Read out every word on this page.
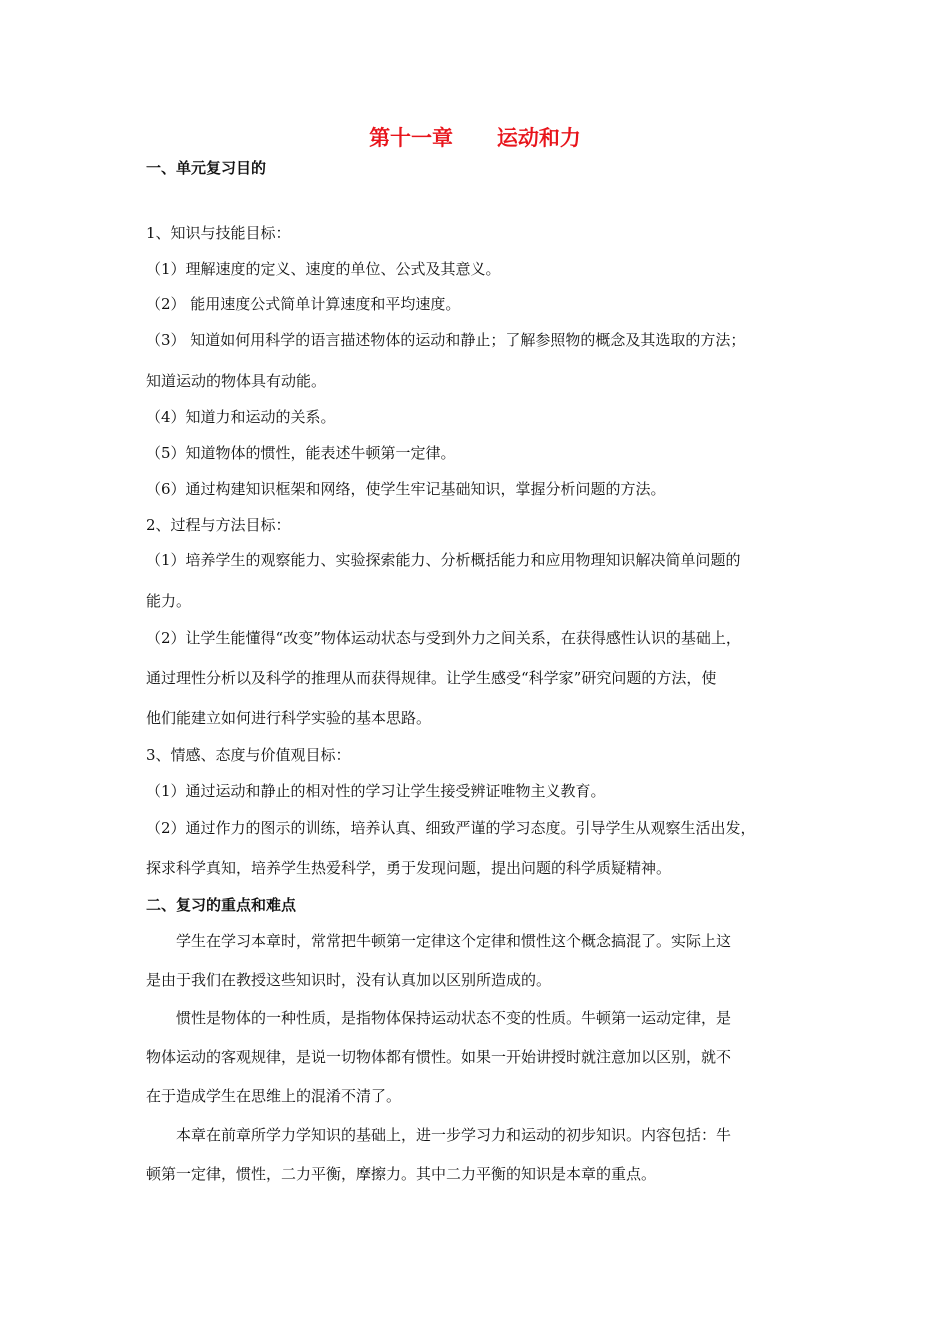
第十一章      运动和力
一、单元复习目的
1、知识与技能目标：
（1）理解速度的定义、速度的单位、公式及其意义。
（2） 能用速度公式简单计算速度和平均速度。
（3） 知道如何用科学的语言描述物体的运动和静止；了解参照物的概念及其选取的方法；
知道运动的物体具有动能。
（4）知道力和运动的关系。
（5）知道物体的惯性，能表述牛顿第一定律。
（6）通过构建知识框架和网络，使学生牢记基础知识，掌握分析问题的方法。
2、过程与方法目标：
（1）培养学生的观察能力、实验探索能力、分析概括能力和应用物理知识解决简单问题的
能力。
（2）让学生能懂得“改变”物体运动状态与受到外力之间关系，在获得感性认识的基础上，
通过理性分析以及科学的推理从而获得规律。让学生感受“科学家”研究问题的方法，使
他们能建立如何进行科学实验的基本思路。
3、情感、态度与价值观目标：
（1）通过运动和静止的相对性的学习让学生接受辨证唯物主义教育。
（2）通过作力的图示的训练，培养认真、细致严谨的学习态度。引导学生从观察生活出发，
探求科学真知，培养学生热爱科学，勇于发现问题，提出问题的科学质疑精神。
二、复习的重点和难点
学生在学习本章时，常常把牛顿第一定律这个定律和惯性这个概念搞混了。实际上这
是由于我们在教授这些知识时，没有认真加以区别所造成的。
惯性是物体的一种性质，是指物体保持运动状态不变的性质。牛顿第一运动定律，是
物体运动的客观规律，是说一切物体都有惯性。如果一开始讲授时就注意加以区别，就不
在于造成学生在思维上的混淆不清了。
本章在前章所学力学知识的基础上，进一步学习力和运动的初步知识。内容包括：牛
顿第一定律，惯性，二力平衡，摩擦力。其中二力平衡的知识是本章的重点。
